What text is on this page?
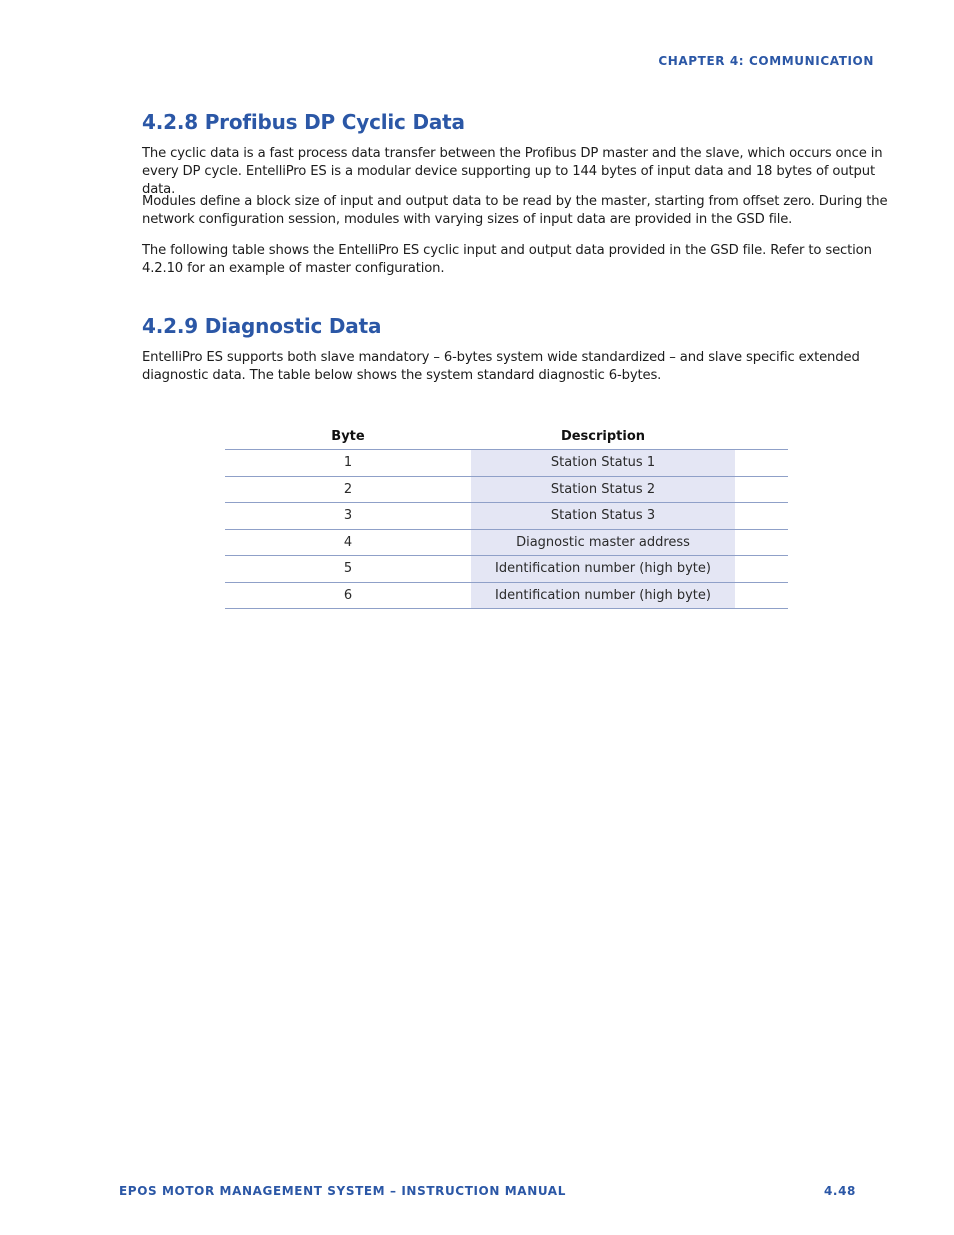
CHAPTER 4: COMMUNICATION
4.2.8 Profibus DP Cyclic Data

The cyclic data is a fast process data transfer between the Profibus DP master and the slave, which occurs once in every DP cycle. EntelliPro ES is a modular device supporting up to 144 bytes of input data and 18 bytes of output data.

Modules define a block size of input and output data to be read by the master, starting from offset zero. During the network configuration session, modules with varying sizes of input data are provided in the GSD file.

The following table shows the EntelliPro ES cyclic input and output data provided in the GSD file. Refer to section 4.2.10 for an example of master configuration.

4.2.9 Diagnostic Data

EntelliPro ES supports both slave mandatory – 6-bytes system wide standardized – and slave specific extended diagnostic data. The table below shows the system standard diagnostic 6-bytes.

Byte	Description	
1	Station Status 1	
2	Station Status 2	
3	Station Status 3	
4	Diagnostic master address	
5	Identification number (high byte)	
6	Identification number (high byte)	
EPOS MOTOR MANAGEMENT SYSTEM – INSTRUCTION MANUAL	4.48
